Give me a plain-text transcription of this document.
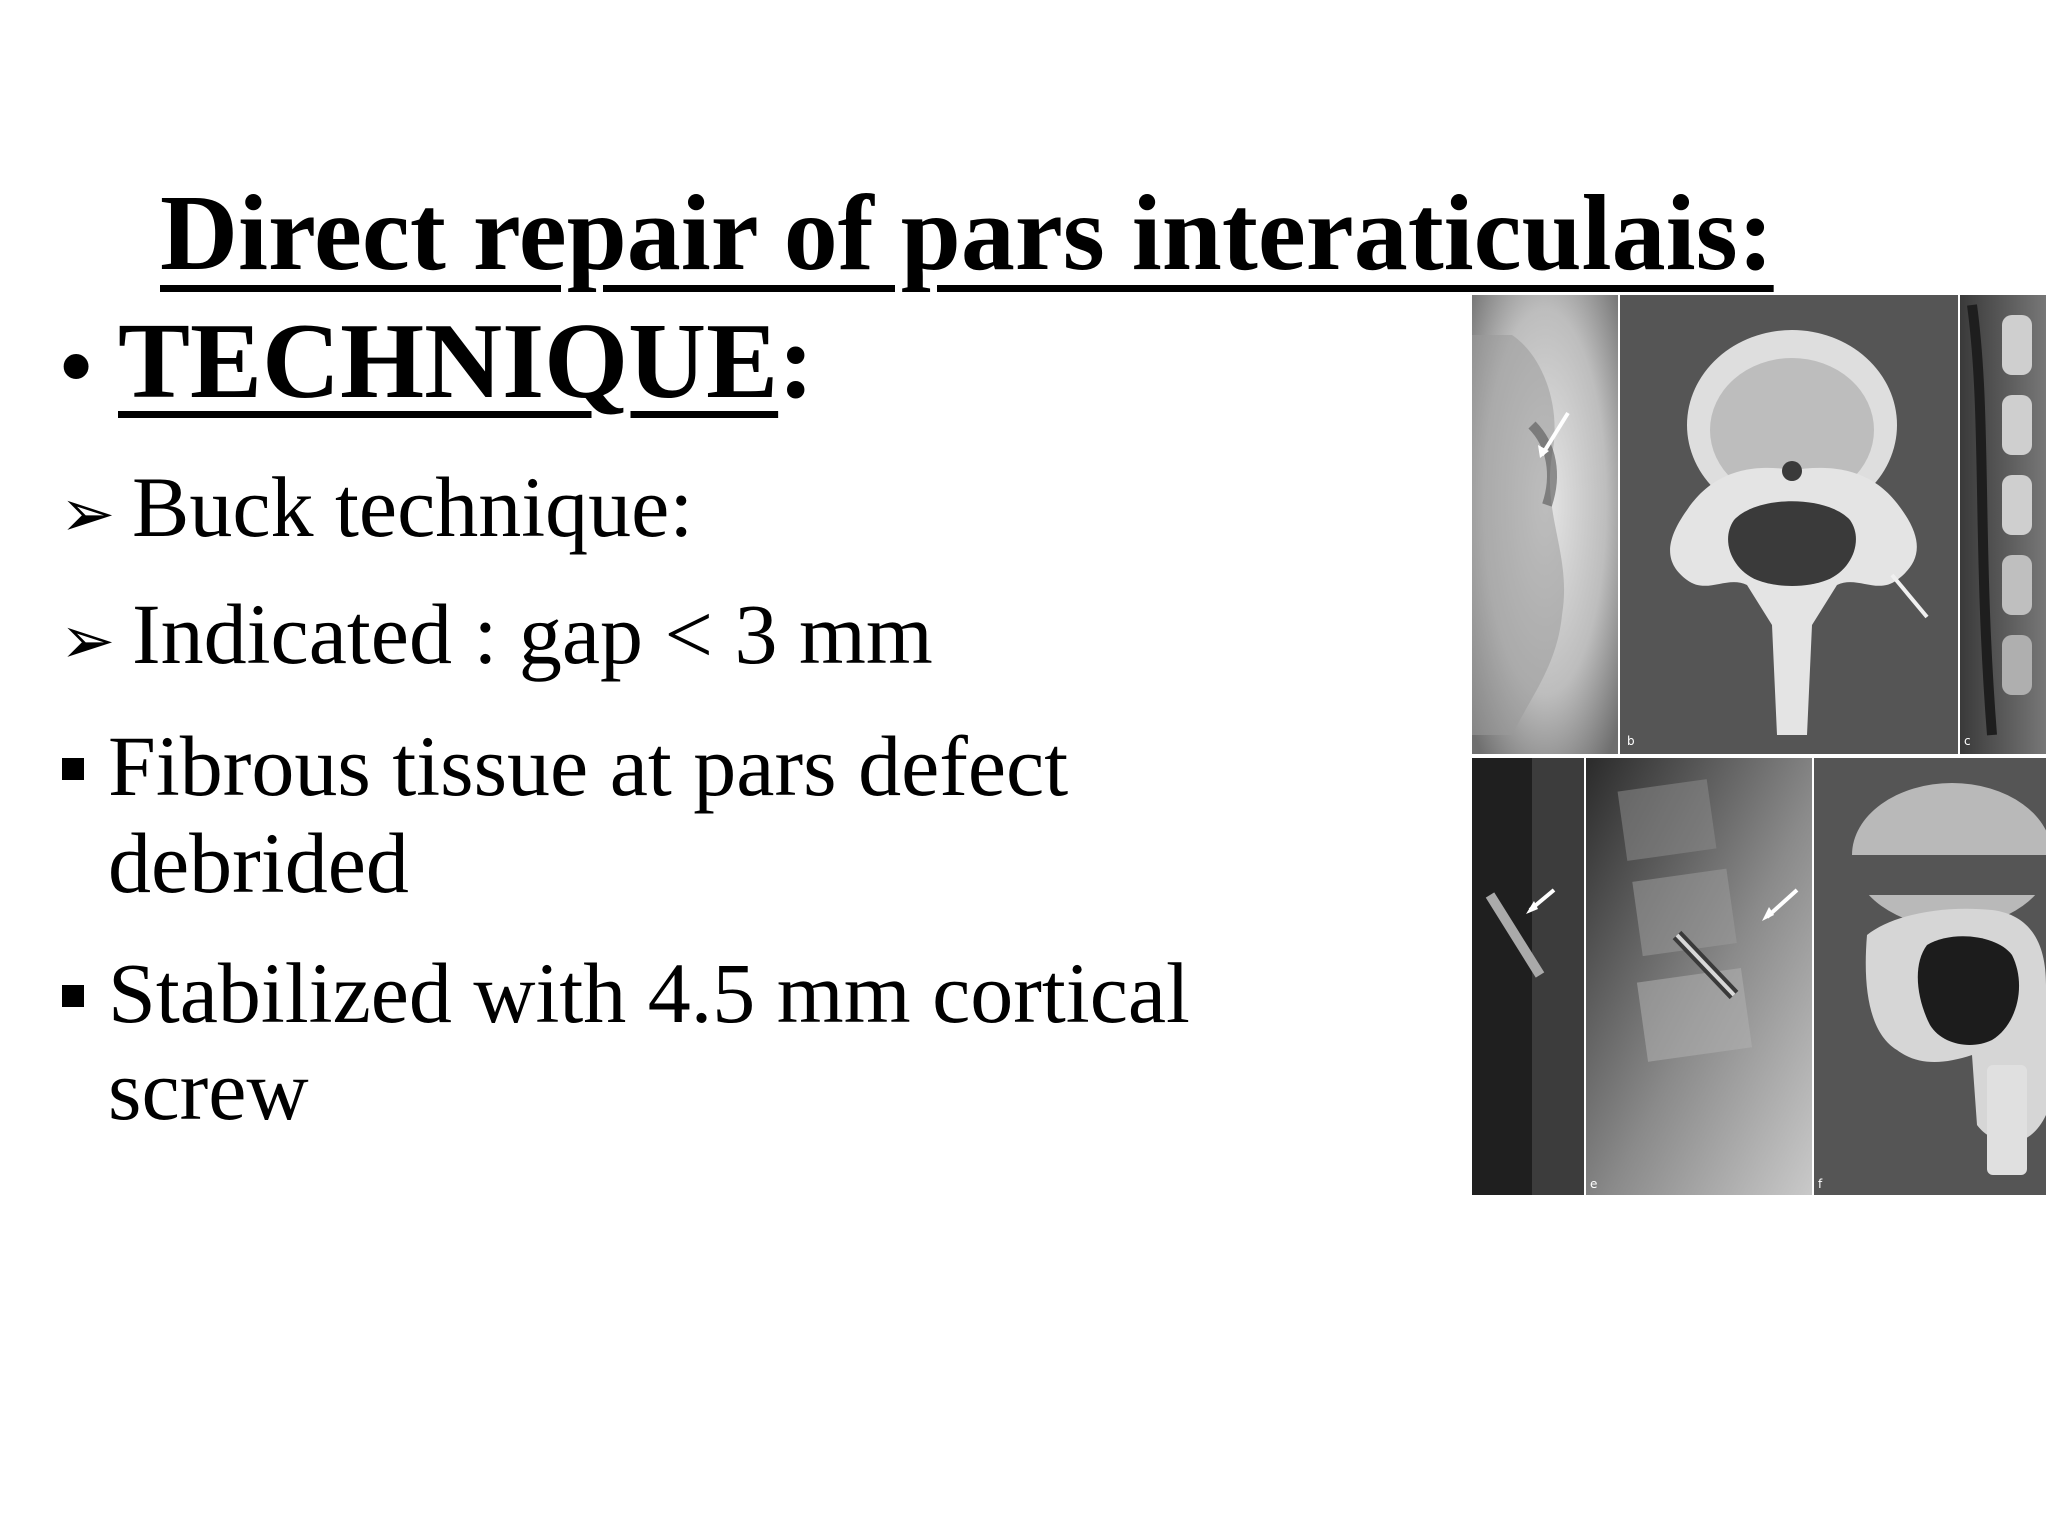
Direct repair of pars interaticulais:
• TECHNIQUE :
➢ Buck technique:
➢ Indicated : gap < 3 mm
Fibrous tissue at pars defect debrided
Stabilized with 4.5 mm cortical screw
b	c
e	f
